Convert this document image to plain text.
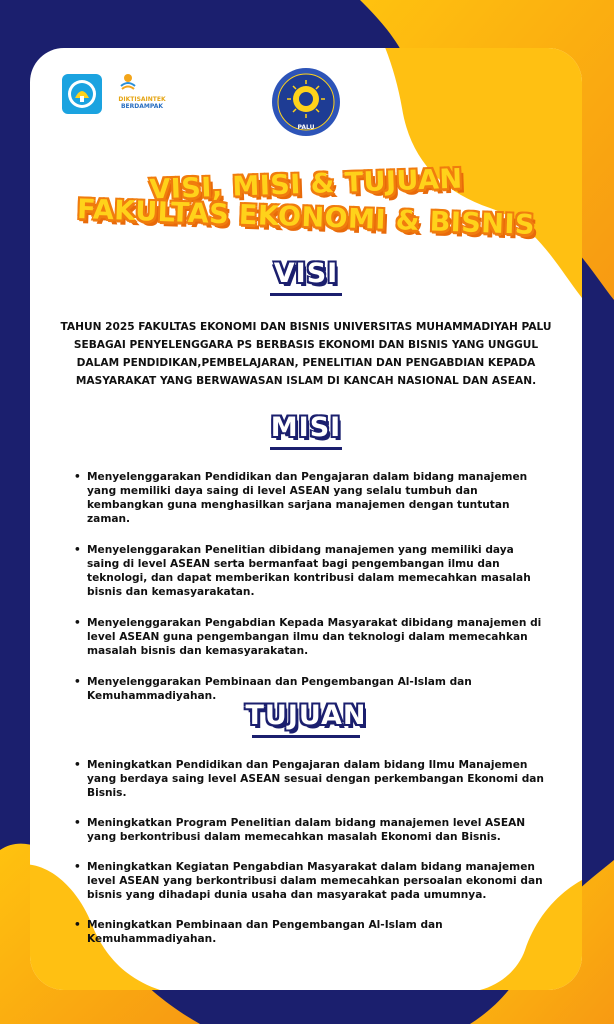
DIKTISAINTEK
BERDAMPAK
PALU
VISI, MISI & TUJUAN
FAKULTAS EKONOMI & BISNIS
VISI

TAHUN 2025 FAKULTAS EKONOMI DAN BISNIS UNIVERSITAS MUHAMMADIYAH PALU SEBAGAI PENYELENGGARA PS BERBASIS EKONOMI DAN BISNIS YANG UNGGUL DALAM PENDIDIKAN,PEMBELAJARAN, PENELITIAN DAN PENGABDIAN KEPADA MASYARAKAT YANG BERWAWASAN ISLAM DI KANCAH NASIONAL DAN ASEAN.

MISI
• Menyelenggarakan Pendidikan dan Pengajaran dalam bidang manajemen yang memiliki daya saing di level ASEAN yang selalu tumbuh dan kembangkan guna menghasilkan sarjana manajemen dengan tuntutan zaman.
• Menyelenggarakan Penelitian dibidang manajemen yang memiliki daya saing di level ASEAN serta bermanfaat bagi pengembangan ilmu dan teknologi, dan dapat memberikan kontribusi dalam memecahkan masalah bisnis dan kemasyarakatan.
• Menyelenggarakan Pengabdian Kepada Masyarakat dibidang manajemen di level ASEAN guna pengembangan ilmu dan teknologi dalam memecahkan masalah bisnis dan kemasyarakatan.
• Menyelenggarakan Pembinaan dan Pengembangan Al-Islam dan Kemuhammadiyahan.
TUJUAN
• Meningkatkan Pendidikan dan Pengajaran dalam bidang Ilmu Manajemen yang berdaya saing level ASEAN sesuai dengan perkembangan Ekonomi dan Bisnis.
• Meningkatkan Program Penelitian dalam bidang manajemen level ASEAN yang berkontribusi dalam memecahkan masalah Ekonomi dan Bisnis.
• Meningkatkan Kegiatan Pengabdian Masyarakat dalam bidang manajemen level ASEAN yang berkontribusi dalam memecahkan persoalan ekonomi dan bisnis yang dihadapi dunia usaha dan masyarakat pada umumnya.
• Meningkatkan Pembinaan dan Pengembangan Al-Islam dan Kemuhammadiyahan.
